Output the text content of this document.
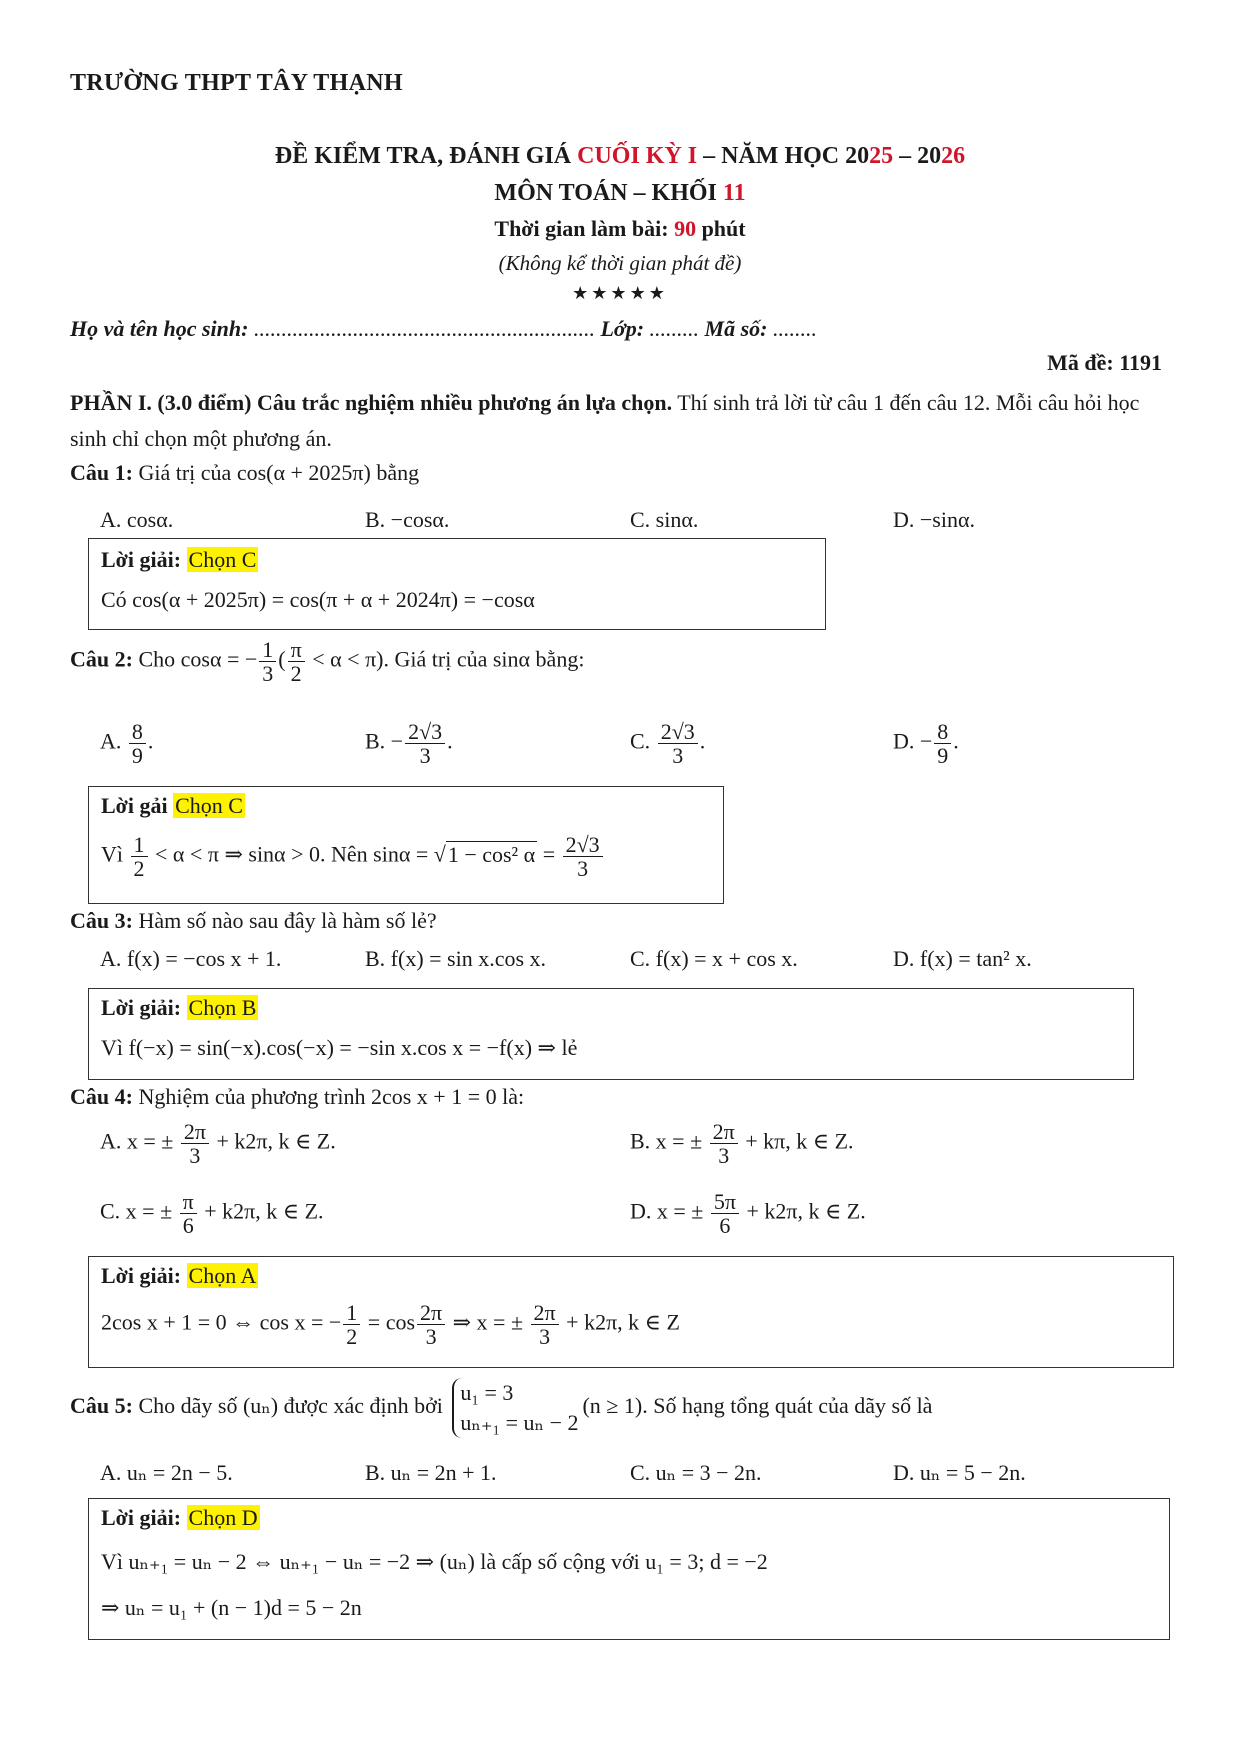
TRƯỜNG THPT TÂY THẠNH
ĐỀ KIỂM TRA, ĐÁNH GIÁ CUỐI KỲ I – NĂM HỌC 2025 – 2026
MÔN TOÁN – KHỐI 11
Thời gian làm bài: 90 phút
(Không kể thời gian phát đề)
★★★★★
Họ và tên học sinh: .............................................................. Lớp: ......... Mã số: ........
Mã đề: 1191
PHẦN I. (3.0 điểm) Câu trắc nghiệm nhiều phương án lựa chọn. Thí sinh trả lời từ câu 1 đến câu 12. Mỗi câu hỏi học sinh chỉ chọn một phương án.
Câu 1: Giá trị của cos(α + 2025π) bằng
A. cosα.	B. −cosα.	C. sinα.	D. −sinα.
Lời giải: Chọn C
Có cos(α + 2025π) = cos(π + α + 2024π) = −cosα
Câu 2: Cho cosα = − $\frac{1}{3}$ ( $\frac{\pi}{2} < \alpha < \pi$). Giá trị của sinα bằng:
A. $\frac{8}{9}$ .	B. − $\frac{2√3}{3}$ .	C. $\frac{2√3}{3}$ .	D. − $\frac{8}{9}$ .
Lời gải Chọn C
Vì $\frac{1}{2} < \alpha < \pi$ ⇒ sinα > 0. Nên sinα = √1 − cos² $\alpha = \frac{2√3}{3}$
Câu 3: Hàm số nào sau đây là hàm số lẻ?
A. f(x) = −cos x + 1.	B. f(x) = sin x.cos x.	C. f(x) = x + cos x.	D. f(x) = tan² x.
Lời giải: Chọn B
Vì f(−x) = sin(−x).cos(−x) = −sin x.cos x = −f(x) ⇒ lẻ
Câu 4: Nghiệm của phương trình 2cos x + 1 = 0 là:
A. x = ± $\frac{2\pi}{3} + k2\pi$, k ∈ Z.	B. x = ± $\frac{2\pi}{3} + k\pi$, k ∈ Z.
C. x = ± $\frac{\pi}{6} + k2\pi$, k ∈ Z.	D. x = ± $\frac{5\pi}{6} + k2\pi$, k ∈ Z.
Lời giải: Chọn A
2cos x + 1 = 0 ⇔ cos x = − $\frac{1}{2} = \cos \frac{2\pi}{3}$ ⇒ x = ± $\frac{2\pi}{3} + k2\pi$, k ∈ Z
Câu 5: Cho dãy số (uₙ) được xác định bởi
u₁ = 3
uₙ₊₁ = uₙ − 2
(n ≥ 1). Số hạng tổng quát của dãy số là
A. uₙ = 2n − 5.	B. uₙ = 2n + 1.	C. uₙ = 3 − 2n.	D. uₙ = 5 − 2n.
Lời giải: Chọn D
Vì uₙ₊₁ = uₙ − 2 ⇔ uₙ₊₁ − uₙ = −2 ⇒ (uₙ) là cấp số cộng với u₁ = 3; d = −2
⇒ uₙ = u₁ + (n − 1)d = 5 − 2n
